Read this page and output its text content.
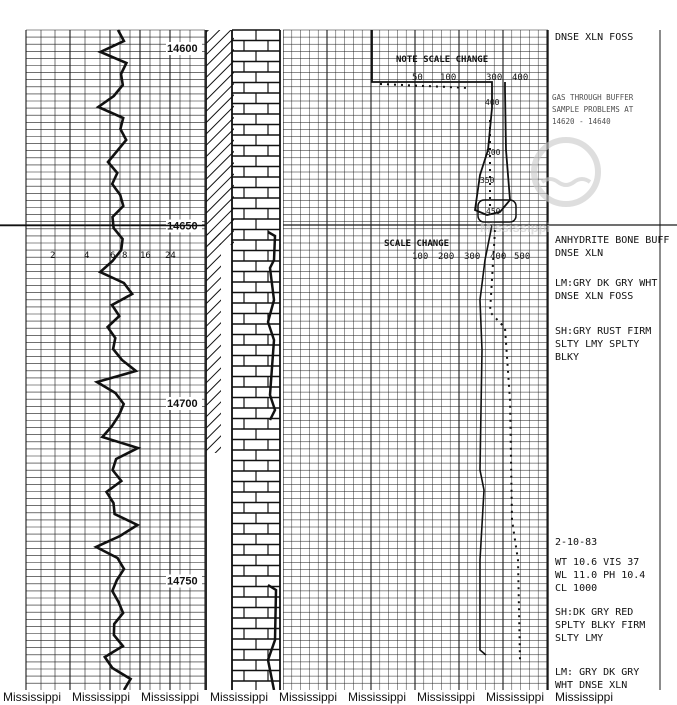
14600
14650
14700
14750
2	4 6 8 16 24
NOTE SCALE CHANGE
50 100	300 400
SCALE CHANGE
100 200 300 400 500
400
500
350
450
GAS THROUGH BUFFER
SAMPLE PROBLEMS AT
14620 - 14640
DNSE XLN FOSS
ANHYDRITE BONE BUFF
DNSE XLN
LM:GRY DK GRY WHT
DNSE XLN FOSS
SH:GRY RUST FIRM
SLTY LMY SPLTY
BLKY
2-10-83
WT 10.6 VIS 37
WL 11.0 PH 10.4
CL 1000
SH:DK GRY RED
SPLTY BLKY FIRM
SLTY LMY
LM: GRY DK GRY
WHT DNSE XLN
Mississippi
Mississippi Mississippi Mississippi Mississippi Mississippi Mississippi Mississippi Mississippi Mississippi
